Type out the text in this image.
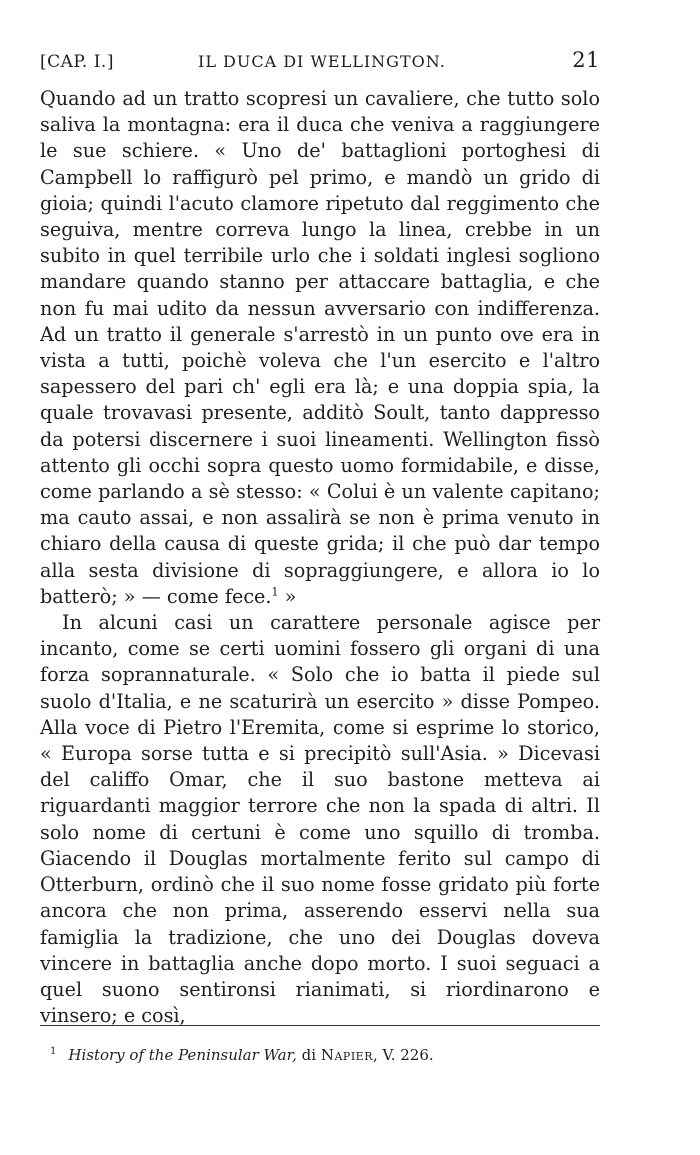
[CAP. I.]	IL DUCA DI WELLINGTON.	21

Quando ad un tratto scopresi un cavaliere, che tutto solo saliva la montagna: era il duca che veniva a raggiungere le sue schiere. « Uno de' battaglioni portoghesi di Campbell lo raffigurò pel primo, e mandò un grido di gioia; quindi l'acuto clamore ripetuto dal reggimento che seguiva, mentre correva lungo la linea, crebbe in un subito in quel terribile urlo che i soldati inglesi sogliono mandare quando stanno per attaccare battaglia, e che non fu mai udito da nessun avversario con indifferenza. Ad un tratto il generale s'arrestò in un punto ove era in vista a tutti, poichè voleva che l'un esercito e l'altro sapessero del pari ch' egli era là; e una doppia spia, la quale trovavasi presente, additò Soult, tanto dappresso da potersi discernere i suoi lineamenti. Wellington fissò attento gli occhi sopra questo uomo formidabile, e disse, come parlando a sè stesso: « Colui è un valente capitano; ma cauto assai, e non assalirà se non è prima venuto in chiaro della causa di queste grida; il che può dar tempo alla sesta divisione di sopraggiungere, e allora io lo batterò; » — come fece.$^1$ »

In alcuni casi un carattere personale agisce per incanto, come se certi uomini fossero gli organi di una forza soprannaturale. « Solo che io batta il piede sul suolo d'Italia, e ne scaturirà un esercito » disse Pompeo. Alla voce di Pietro l'Eremita, come si esprime lo storico, « Europa sorse tutta e si precipitò sull'Asia. » Dicevasi del califfo Omar, che il suo bastone metteva ai riguardanti maggior terrore che non la spada di altri. Il solo nome di certuni è come uno squillo di tromba. Giacendo il Douglas mortalmente ferito sul campo di Otterburn, ordinò che il suo nome fosse gridato più forte ancora che non prima, asserendo esservi nella sua famiglia la tradizione, che uno dei Douglas doveva vincere in battaglia anche dopo morto. I suoi seguaci a quel suono sentironsi rianimati, si riordinarono e vinsero; e così,

$^1$ History of the Peninsular War, di Napier, V. 226.
